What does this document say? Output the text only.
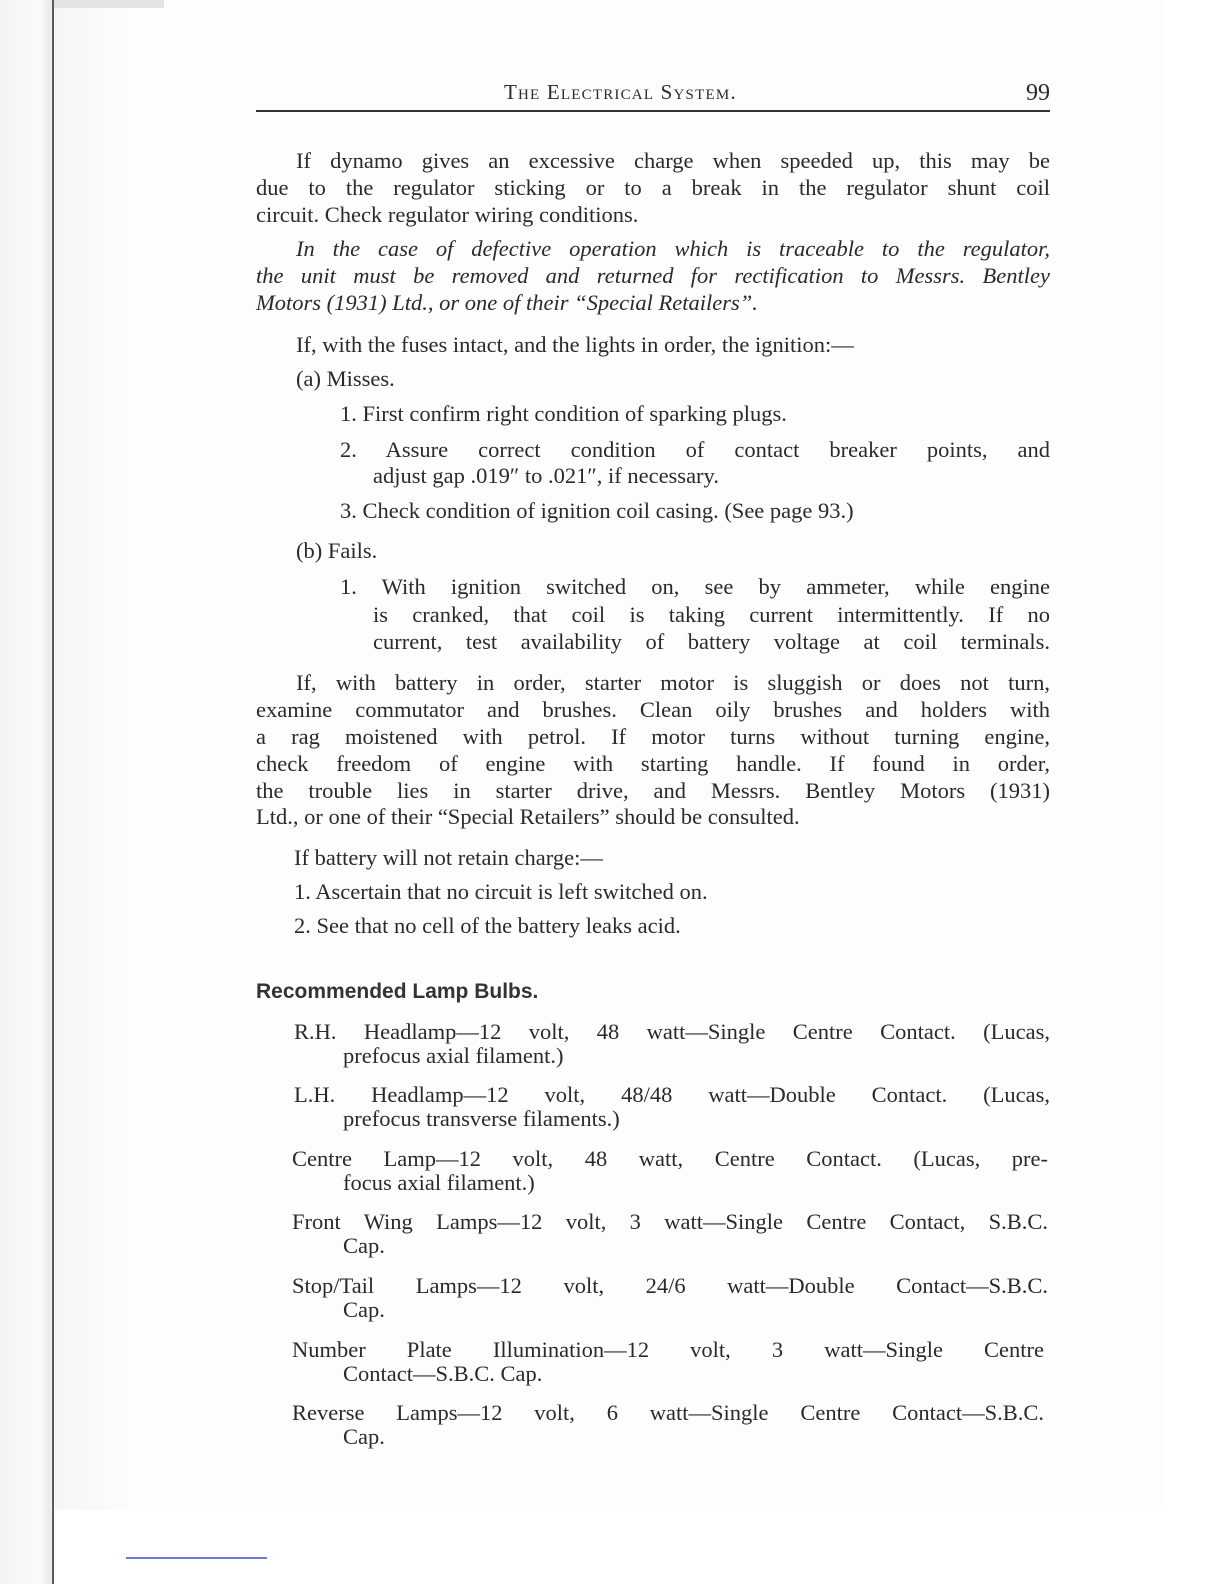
The Electrical System.	99
If dynamo gives an excessive charge when speeded up, this may be
due to the regulator sticking or to a break in the regulator shunt coil
circuit. Check regulator wiring conditions.
In the case of defective operation which is traceable to the regulator,
the unit must be removed and returned for rectification to Messrs. Bentley
Motors (1931) Ltd., or one of their “Special Retailers”.
If, with the fuses intact, and the lights in order, the ignition:—
(a) Misses.
1. First confirm right condition of sparking plugs.
2. Assure correct condition of contact breaker points, and
adjust gap .019″ to .021″, if necessary.
3. Check condition of ignition coil casing. (See page 93.)
(b) Fails.
1. With ignition switched on, see by ammeter, while engine
is cranked, that coil is taking current intermittently. If no
current, test availability of battery voltage at coil terminals.
If, with battery in order, starter motor is sluggish or does not turn,
examine commutator and brushes. Clean oily brushes and holders with
a rag moistened with petrol. If motor turns without turning engine,
check freedom of engine with starting handle. If found in order,
the trouble lies in starter drive, and Messrs. Bentley Motors (1931)
Ltd., or one of their “Special Retailers” should be consulted.
If battery will not retain charge:—
1. Ascertain that no circuit is left switched on.
2. See that no cell of the battery leaks acid.
Recommended Lamp Bulbs.
R.H. Headlamp—12 volt, 48 watt—Single Centre Contact. (Lucas,
prefocus axial filament.)
L.H. Headlamp—12 volt, 48/48 watt—Double Contact. (Lucas,
prefocus transverse filaments.)
Centre Lamp—12 volt, 48 watt, Centre Contact. (Lucas, pre-
focus axial filament.)
Front Wing Lamps—12 volt, 3 watt—Single Centre Contact, S.B.C.
Cap.
Stop/Tail Lamps—12 volt, 24/6 watt—Double Contact—S.B.C.
Cap.
Number Plate Illumination—12 volt, 3 watt—Single Centre
Contact—S.B.C. Cap.
Reverse Lamps—12 volt, 6 watt—Single Centre Contact—S.B.C.
Cap.
